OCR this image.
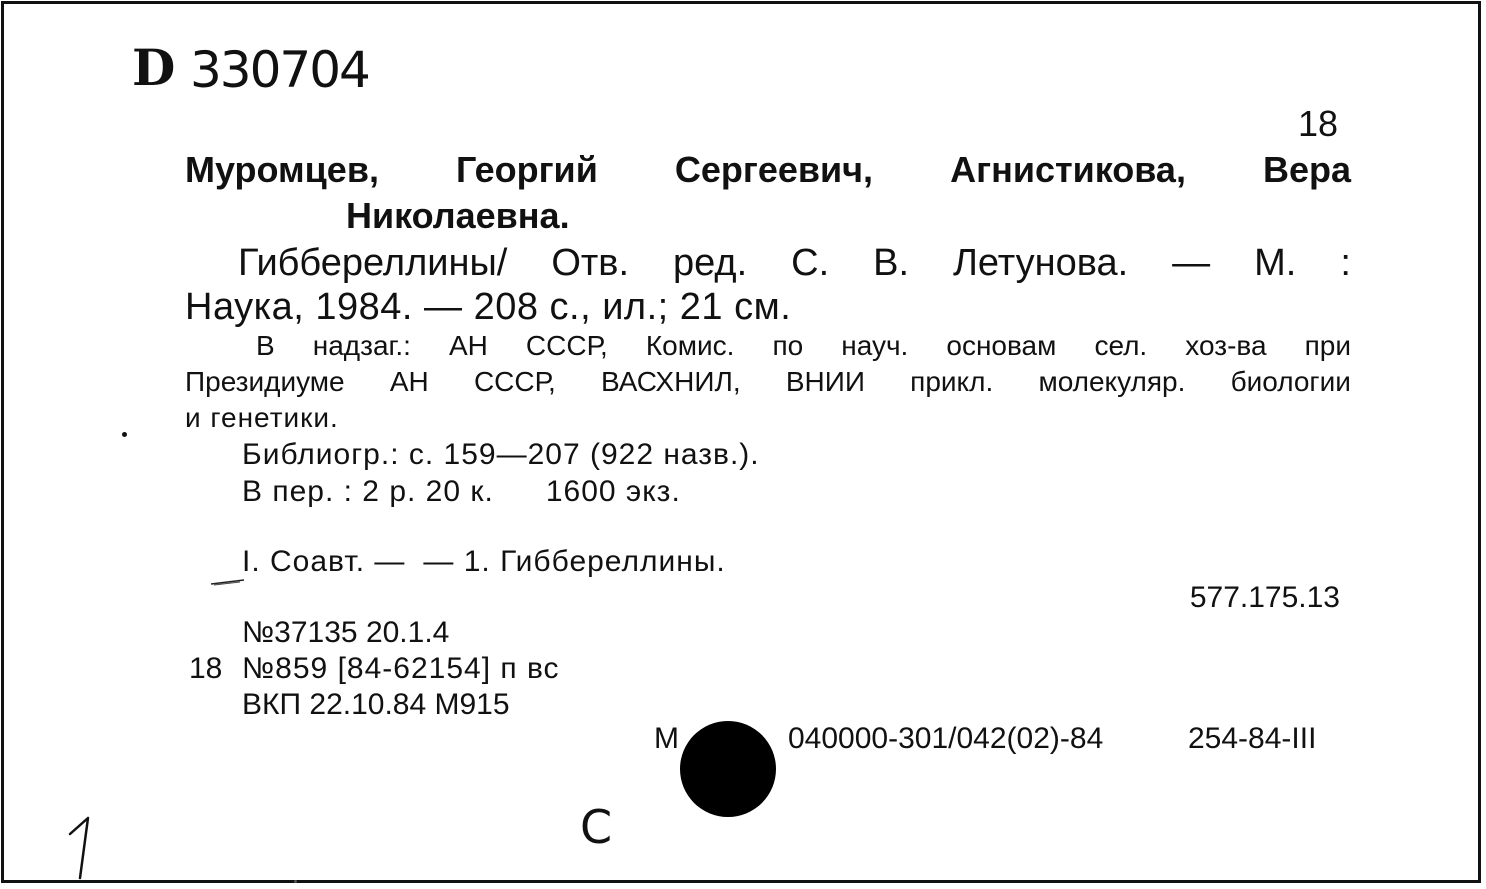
D 330704
18
Муромцев, Георгий Сергеевич, Агнистикова, Вера
Николаевна.
Гиббереллины/ Отв. ред. С. В. Летунова. — М. :
Наука, 1984. — 208 с., ил.; 21 см.
В надзаг.: АН СССР, Комис. по науч. основам сел. хоз-ва при
Президиуме АН СССР, ВАСХНИЛ, ВНИИ прикл. молекуляр. биологии
и генетики.
Библиогр.: с. 159—207 (922 назв.).
В пер. : 2 р. 20 к. 1600 экз.
I. Соавт. — — 1. Гиббереллины.
577.175.13
№37135 20.1.4
18 №859 [84-62154] п вс
ВКП 22.10.84 М915
М	040000-301/042(02)-84	254-84-III
С
